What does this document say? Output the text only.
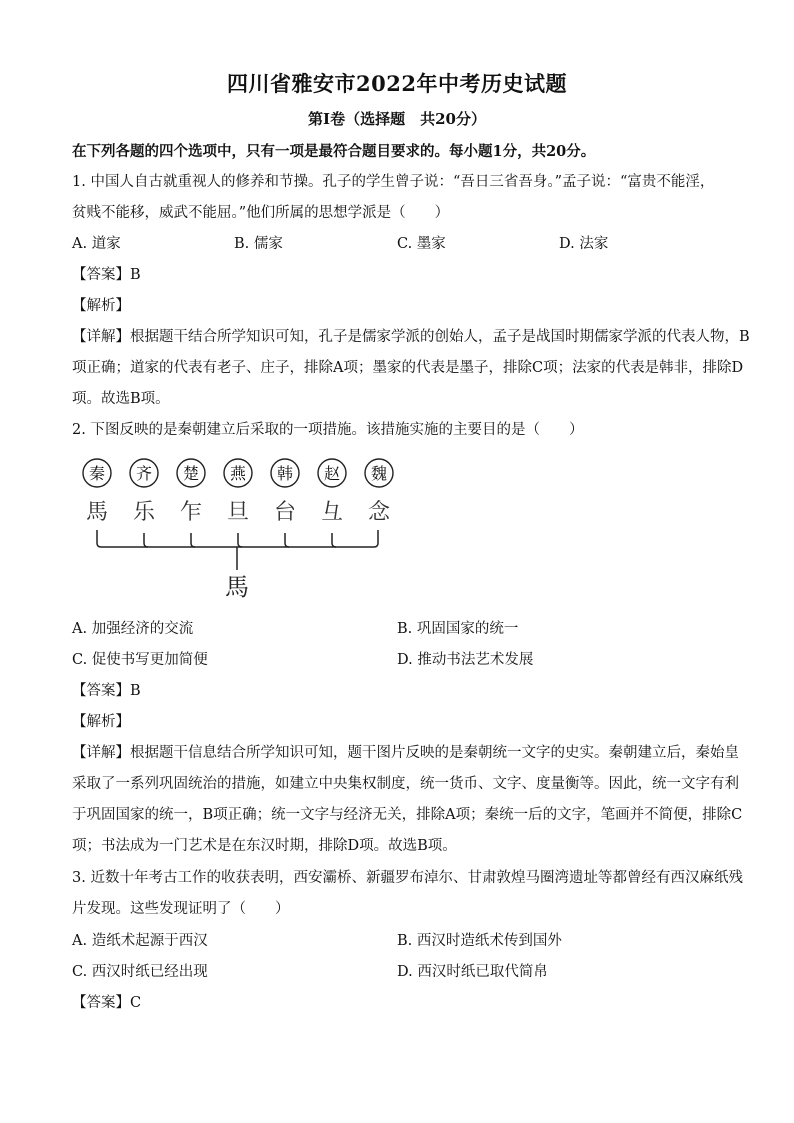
四川省雅安市2022年中考历史试题
第Ⅰ卷（选择题　共20分）
在下列各题的四个选项中，只有一项是最符合题目要求的。每小题1分，共20分。
1. 中国人自古就重视人的修养和节操。孔子的学生曾子说：“吾日三省吾身。”孟子说：“富贵不能淫，
贫贱不能移，威武不能屈。”他们所属的思想学派是（　　）
A. 道家	B. 儒家	C. 墨家	D. 法家
【答案】B
【解析】
【详解】根据题干结合所学知识可知，孔子是儒家学派的创始人，孟子是战国时期儒家学派的代表人物，B
项正确；道家的代表有老子、庄子，排除A项；墨家的代表是墨子，排除C项；法家的代表是韩非，排除D
项。故选B项。
2. 下图反映的是秦朝建立后采取的一项措施。该措施实施的主要目的是（　　）
秦 齐 楚 燕 韩 赵 魏
馬 乐 乍 旦 台 彑 念
馬
A. 加强经济的交流	B. 巩固国家的统一
C. 促使书写更加简便	D. 推动书法艺术发展
【答案】B
【解析】
【详解】根据题干信息结合所学知识可知，题干图片反映的是秦朝统一文字的史实。秦朝建立后，秦始皇
采取了一系列巩固统治的措施，如建立中央集权制度，统一货币、文字、度量衡等。因此，统一文字有利
于巩固国家的统一，B项正确；统一文字与经济无关，排除A项；秦统一后的文字，笔画并不简便，排除C
项；书法成为一门艺术是在东汉时期，排除D项。故选B项。
3. 近数十年考古工作的收获表明，西安灞桥、新疆罗布淖尔、甘肃敦煌马圈湾遗址等都曾经有西汉麻纸残
片发现。这些发现证明了（　　）
A. 造纸术起源于西汉	B. 西汉时造纸术传到国外
C. 西汉时纸已经出现	D. 西汉时纸已取代简帛
【答案】C
